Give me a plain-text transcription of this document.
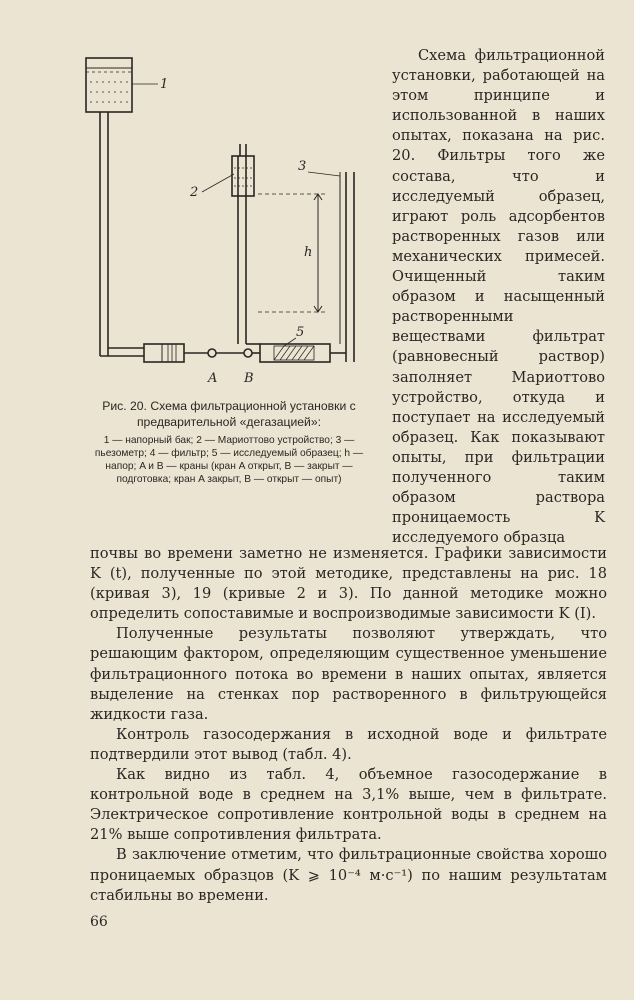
1
2
3
5
h
A B

Рис. 20. Схема фильтрационной установки с предварительной «дегазацией»:

1 — напорный бак; 2 — Мариоттово устройство; 3 — пьезометр; 4 — фильтр; 5 — исследуемый образец; h — напор; A и B — краны (кран A открыт, B — закрыт — подготовка; кран A закрыт, B — открыт — опыт)

Схема фильтрационной установки, работающей на этом принципе и использованной в наших опытах, показана на рис. 20. Фильтры того же состава, что и исследуемый образец, играют роль адсорбентов растворенных газов или механических примесей. Очищенный таким образом и насыщенный растворенными веществами фильтрат (равновесный раствор) заполняет Мариоттово устройство, откуда и поступает на исследуемый образец. Как показывают опыты, при фильтрации полученного таким образом раствора проницаемость K исследуемого образца

почвы во времени заметно не изменяется. Графики зависимости K (t), полученные по этой методике, представлены на рис. 18 (кривая 3), 19 (кривые 2 и 3). По данной методике можно определить сопоставимые и воспроизводимые зависимости K (I).

Полученные результаты позволяют утверждать, что решающим фактором, определяющим существенное уменьшение фильтрационного потока во времени в наших опытах, является выделение на стенках пор растворенного в фильтрующейся жидкости газа.

Контроль газосодержания в исходной воде и фильтрате подтвердили этот вывод (табл. 4).

Как видно из табл. 4, объемное газосодержание в контрольной воде в среднем на 3,1% выше, чем в фильтрате. Электрическое сопротивление контрольной воды в среднем на 21% выше сопротивления фильтрата.

В заключение отметим, что фильтрационные свойства хорошо проницаемых образцов (K ⩾ 10⁻⁴ м·с⁻¹) по нашим результатам стабильны во времени.

66
